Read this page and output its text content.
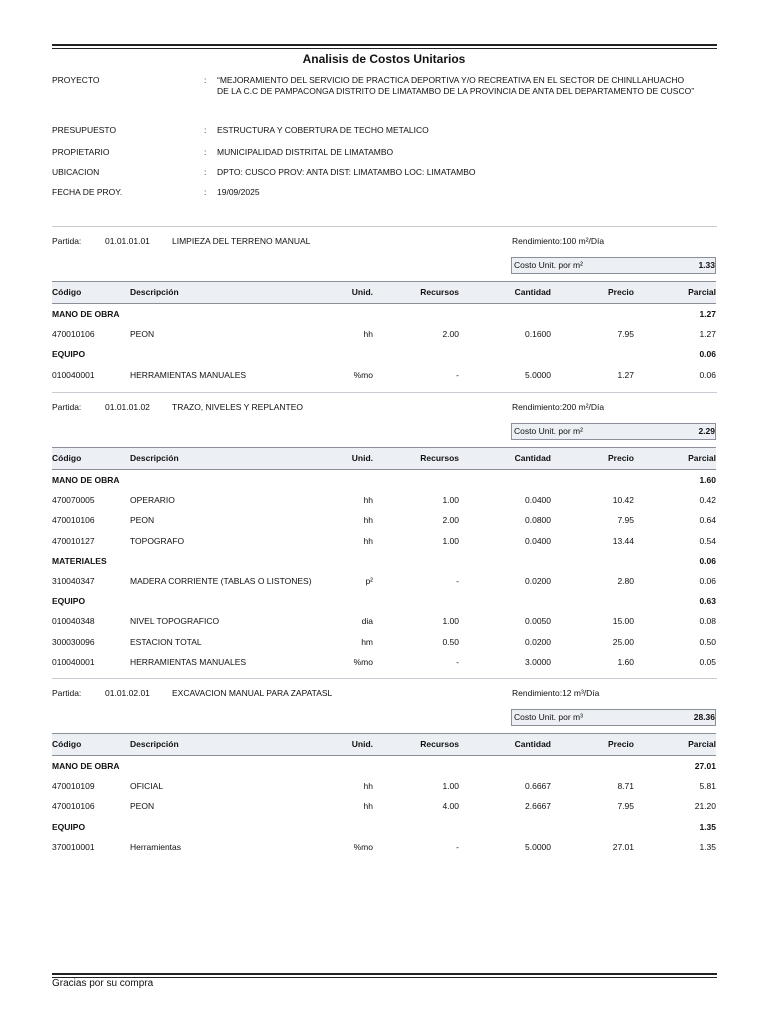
Analisis de Costos Unitarios
PROYECTO	: “MEJORAMIENTO DEL SERVICIO DE PRACTICA DEPORTIVA Y/O RECREATIVA EN EL SECTOR DE CHINLLAHUACHO DE LA C.C DE PAMPACONGA DISTRITO DE LIMATAMBO DE LA PROVINCIA DE ANTA DEL DEPARTAMENTO DE CUSCO”
PRESUPUESTO	: ESTRUCTURA Y COBERTURA DE TECHO METALICO
PROPIETARIO	: MUNICIPALIDAD DISTRITAL DE LIMATAMBO
UBICACION	: DPTO: CUSCO PROV: ANTA DIST: LIMATAMBO LOC: LIMATAMBO
FECHA DE PROY.	: 19/09/2025
Partida:	01.01.01.01	LIMPIEZA DEL TERRENO MANUAL	Rendimiento:100 m²/Día
Costo Unit. por m²	1.33
Código	Descripción	Unid.	Recursos	Cantidad	Precio	Parcial
MANO DE OBRA	1.27
470010106	PEON	hh	2.00	0.1600	7.95	1.27
EQUIPO	0.06
010040001	HERRAMIENTAS MANUALES	%mo	-	5.0000	1.27	0.06
Partida:	01.01.01.02	TRAZO, NIVELES Y REPLANTEO	Rendimiento:200 m²/Día
Costo Unit. por m²	2.29
Código	Descripción	Unid.	Recursos	Cantidad	Precio	Parcial
MANO DE OBRA	1.60
470070005	OPERARIO	hh	1.00	0.0400	10.42	0.42
470010106	PEON	hh	2.00	0.0800	7.95	0.64
470010127	TOPOGRAFO	hh	1.00	0.0400	13.44	0.54
MATERIALES	0.06
310040347	MADERA CORRIENTE (TABLAS O LISTONES)	p²	-	0.0200	2.80	0.06
EQUIPO	0.63
010040348	NIVEL TOPOGRAFICO	dia	1.00	0.0050	15.00	0.08
300030096	ESTACION TOTAL	hm	0.50	0.0200	25.00	0.50
010040001	HERRAMIENTAS MANUALES	%mo	-	3.0000	1.60	0.05
Partida:	01.01.02.01	EXCAVACION MANUAL PARA ZAPATASL	Rendimiento:12 m³/Día
Costo Unit. por m³	28.36
Código	Descripción	Unid.	Recursos	Cantidad	Precio	Parcial
MANO DE OBRA	27.01
470010109	OFICIAL	hh	1.00	0.6667	8.71	5.81
470010106	PEON	hh	4.00	2.6667	7.95	21.20
EQUIPO	1.35
370010001	Herramientas	%mo	-	5.0000	27.01	1.35
Gracias por su compra
